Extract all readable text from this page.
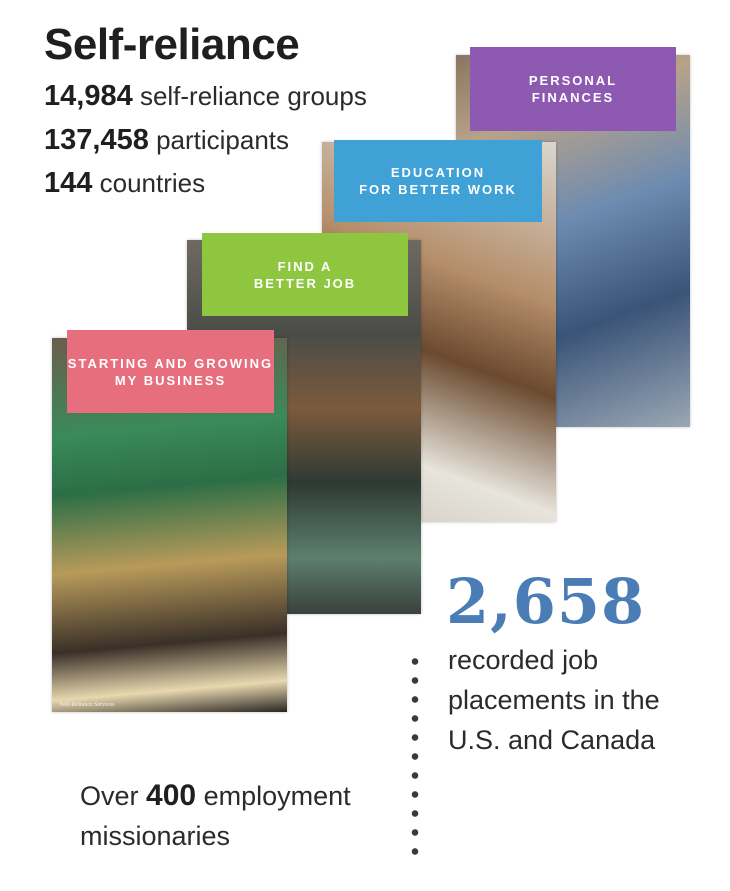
Self-reliance
14,984 self-reliance groups
137,458 participants
144 countries
PERSONAL
FINANCES
EDUCATION
FOR BETTER WORK
FIND A
BETTER JOB
Self-Reliance Services
STARTING AND GROWING
MY BUSINESS
2,658
recorded job
placements in the
U.S. and Canada
Over 400 employment
missionaries
